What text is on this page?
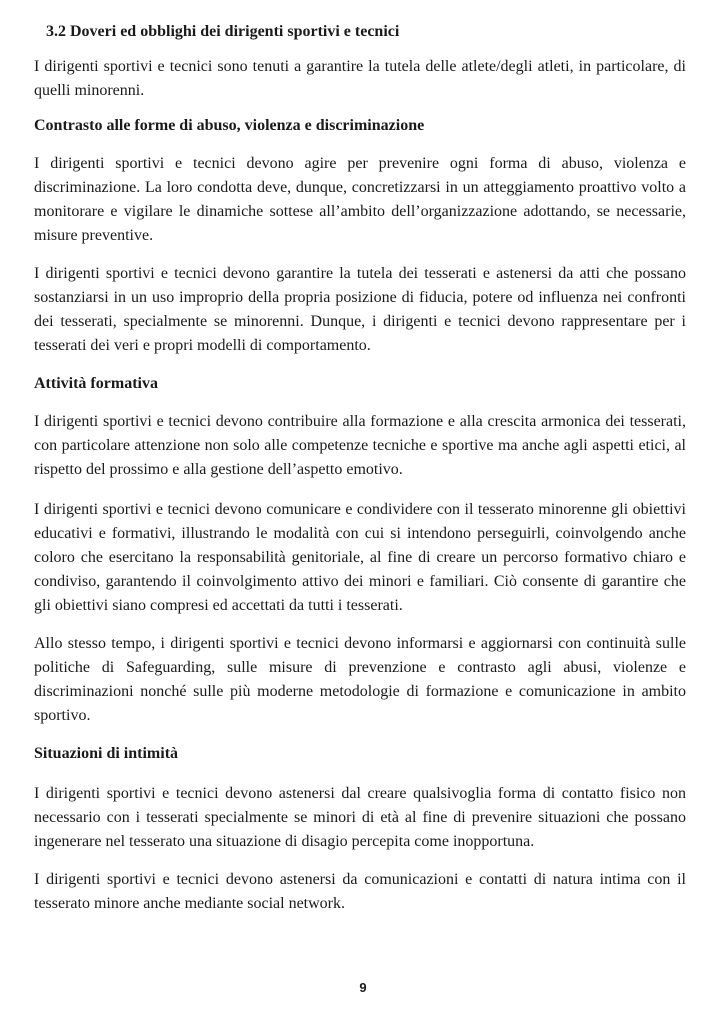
3.2 Doveri ed obblighi dei dirigenti sportivi e tecnici

I dirigenti sportivi e tecnici sono tenuti a garantire la tutela delle atlete/degli atleti, in particolare, di quelli minorenni.

Contrasto alle forme di abuso, violenza e discriminazione

I dirigenti sportivi e tecnici devono agire per prevenire ogni forma di abuso, violenza e discriminazione. La loro condotta deve, dunque, concretizzarsi in un atteggiamento proattivo volto a monitorare e vigilare le dinamiche sottese all’ambito dell’organizzazione adottando, se necessarie, misure preventive.

I dirigenti sportivi e tecnici devono garantire la tutela dei tesserati e astenersi da atti che possano sostanziarsi in un uso improprio della propria posizione di fiducia, potere od influenza nei confronti dei tesserati, specialmente se minorenni. Dunque, i dirigenti e tecnici devono rappresentare per i tesserati dei veri e propri modelli di comportamento.

Attività formativa

I dirigenti sportivi e tecnici devono contribuire alla formazione e alla crescita armonica dei tesserati, con particolare attenzione non solo alle competenze tecniche e sportive ma anche agli aspetti etici, al rispetto del prossimo e alla gestione dell’aspetto emotivo.

I dirigenti sportivi e tecnici devono comunicare e condividere con il tesserato minorenne gli obiettivi educativi e formativi, illustrando le modalità con cui si intendono perseguirli, coinvolgendo anche coloro che esercitano la responsabilità genitoriale, al fine di creare un percorso formativo chiaro e condiviso, garantendo il coinvolgimento attivo dei minori e familiari. Ciò consente di garantire che gli obiettivi siano compresi ed accettati da tutti i tesserati.

Allo stesso tempo, i dirigenti sportivi e tecnici devono informarsi e aggiornarsi con continuità sulle politiche di Safeguarding, sulle misure di prevenzione e contrasto agli abusi, violenze e discriminazioni nonché sulle più moderne metodologie di formazione e comunicazione in ambito sportivo.

Situazioni di intimità

I dirigenti sportivi e tecnici devono astenersi dal creare qualsivoglia forma di contatto fisico non necessario con i tesserati specialmente se minori di età al fine di prevenire situazioni che possano ingenerare nel tesserato una situazione di disagio percepita come inopportuna.

I dirigenti sportivi e tecnici devono astenersi da comunicazioni e contatti di natura intima con il tesserato minore anche mediante social network.

9
